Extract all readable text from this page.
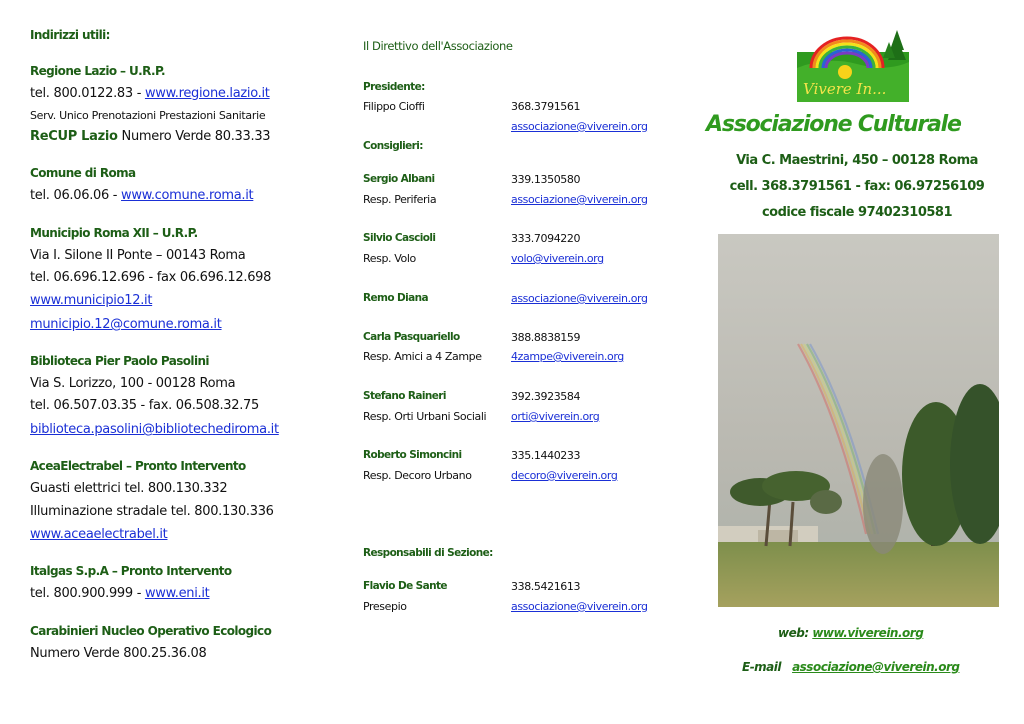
Indirizzi utili:
Regione Lazio – U.R.P.
tel. 800.0122.83 - www.regione.lazio.it
Serv. Unico Prenotazioni Prestazioni Sanitarie
ReCUP Lazio Numero Verde 80.33.33
Comune di Roma
tel. 06.06.06 - www.comune.roma.it
Municipio Roma XII – U.R.P.
Via I. Silone II Ponte – 00143 Roma
tel. 06.696.12.696 - fax 06.696.12.698
www.municipio12.it
municipio.12@comune.roma.it
Biblioteca Pier Paolo Pasolini
Via S. Lorizzo, 100 - 00128 Roma
tel. 06.507.03.35 - fax. 06.508.32.75
biblioteca.pasolini@bibliotechediroma.it
AceaElectrabel – Pronto Intervento
Guasti elettrici tel. 800.130.332
Illuminazione stradale tel. 800.130.336
www.aceaelectrabel.it
Italgas S.p.A – Pronto Intervento
tel. 800.900.999 - www.eni.it
Carabinieri Nucleo Operativo Ecologico
Numero Verde 800.25.36.08
Il Direttivo dell'Associazione
Presidente:
Filippo Cioffi	368.3791561
associazione@viverein.org
Consiglieri:
Sergio Albani	339.1350580
Resp. Periferia	associazione@viverein.org
Silvio Cascioli	333.7094220
Resp. Volo	volo@viverein.org
Remo Diana	associazione@viverein.org
Carla Pasquariello	388.8838159
Resp. Amici a 4 Zampe	4zampe@viverein.org
Stefano Raineri	392.3923584
Resp. Orti Urbani Sociali orti@viverein.org
Roberto Simoncini	335.1440233
Resp. Decoro Urbano	decoro@viverein.org
Responsabili di Sezione:
Flavio De Sante	338.5421613
Presepio	associazione@viverein.org
Vivere In...
Associazione Culturale
Via C. Maestrini, 450 – 00128 Roma
cell. 368.3791561 - fax: 06.97256109
codice fiscale 97402310581
web: www.viverein.org
E-mail associazione@viverein.org
